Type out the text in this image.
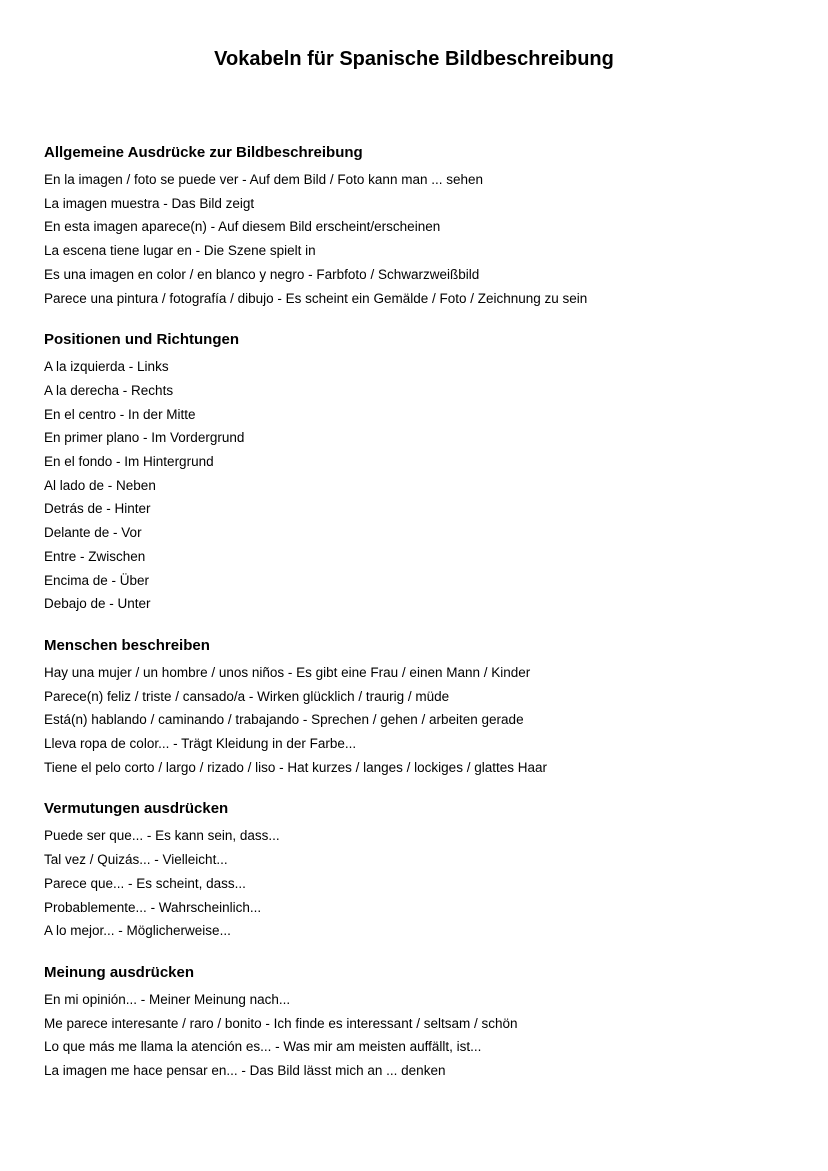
Vokabeln für Spanische Bildbeschreibung
Allgemeine Ausdrücke zur Bildbeschreibung
En la imagen / foto se puede ver - Auf dem Bild / Foto kann man ... sehen
La imagen muestra - Das Bild zeigt
En esta imagen aparece(n) - Auf diesem Bild erscheint/erscheinen
La escena tiene lugar en - Die Szene spielt in
Es una imagen en color / en blanco y negro - Farbfoto / Schwarzweißbild
Parece una pintura / fotografía / dibujo - Es scheint ein Gemälde / Foto / Zeichnung zu sein
Positionen und Richtungen
A la izquierda - Links
A la derecha - Rechts
En el centro - In der Mitte
En primer plano - Im Vordergrund
En el fondo - Im Hintergrund
Al lado de - Neben
Detrás de - Hinter
Delante de - Vor
Entre - Zwischen
Encima de - Über
Debajo de - Unter
Menschen beschreiben
Hay una mujer / un hombre / unos niños - Es gibt eine Frau / einen Mann / Kinder
Parece(n) feliz / triste / cansado/a - Wirken glücklich / traurig / müde
Está(n) hablando / caminando / trabajando - Sprechen / gehen / arbeiten gerade
Lleva ropa de color... - Trägt Kleidung in der Farbe...
Tiene el pelo corto / largo / rizado / liso - Hat kurzes / langes / lockiges / glattes Haar
Vermutungen ausdrücken
Puede ser que... - Es kann sein, dass...
Tal vez / Quizás... - Vielleicht...
Parece que... - Es scheint, dass...
Probablemente... - Wahrscheinlich...
A lo mejor... - Möglicherweise...
Meinung ausdrücken
En mi opinión... - Meiner Meinung nach...
Me parece interesante / raro / bonito - Ich finde es interessant / seltsam / schön
Lo que más me llama la atención es... - Was mir am meisten auffällt, ist...
La imagen me hace pensar en... - Das Bild lässt mich an ... denken
